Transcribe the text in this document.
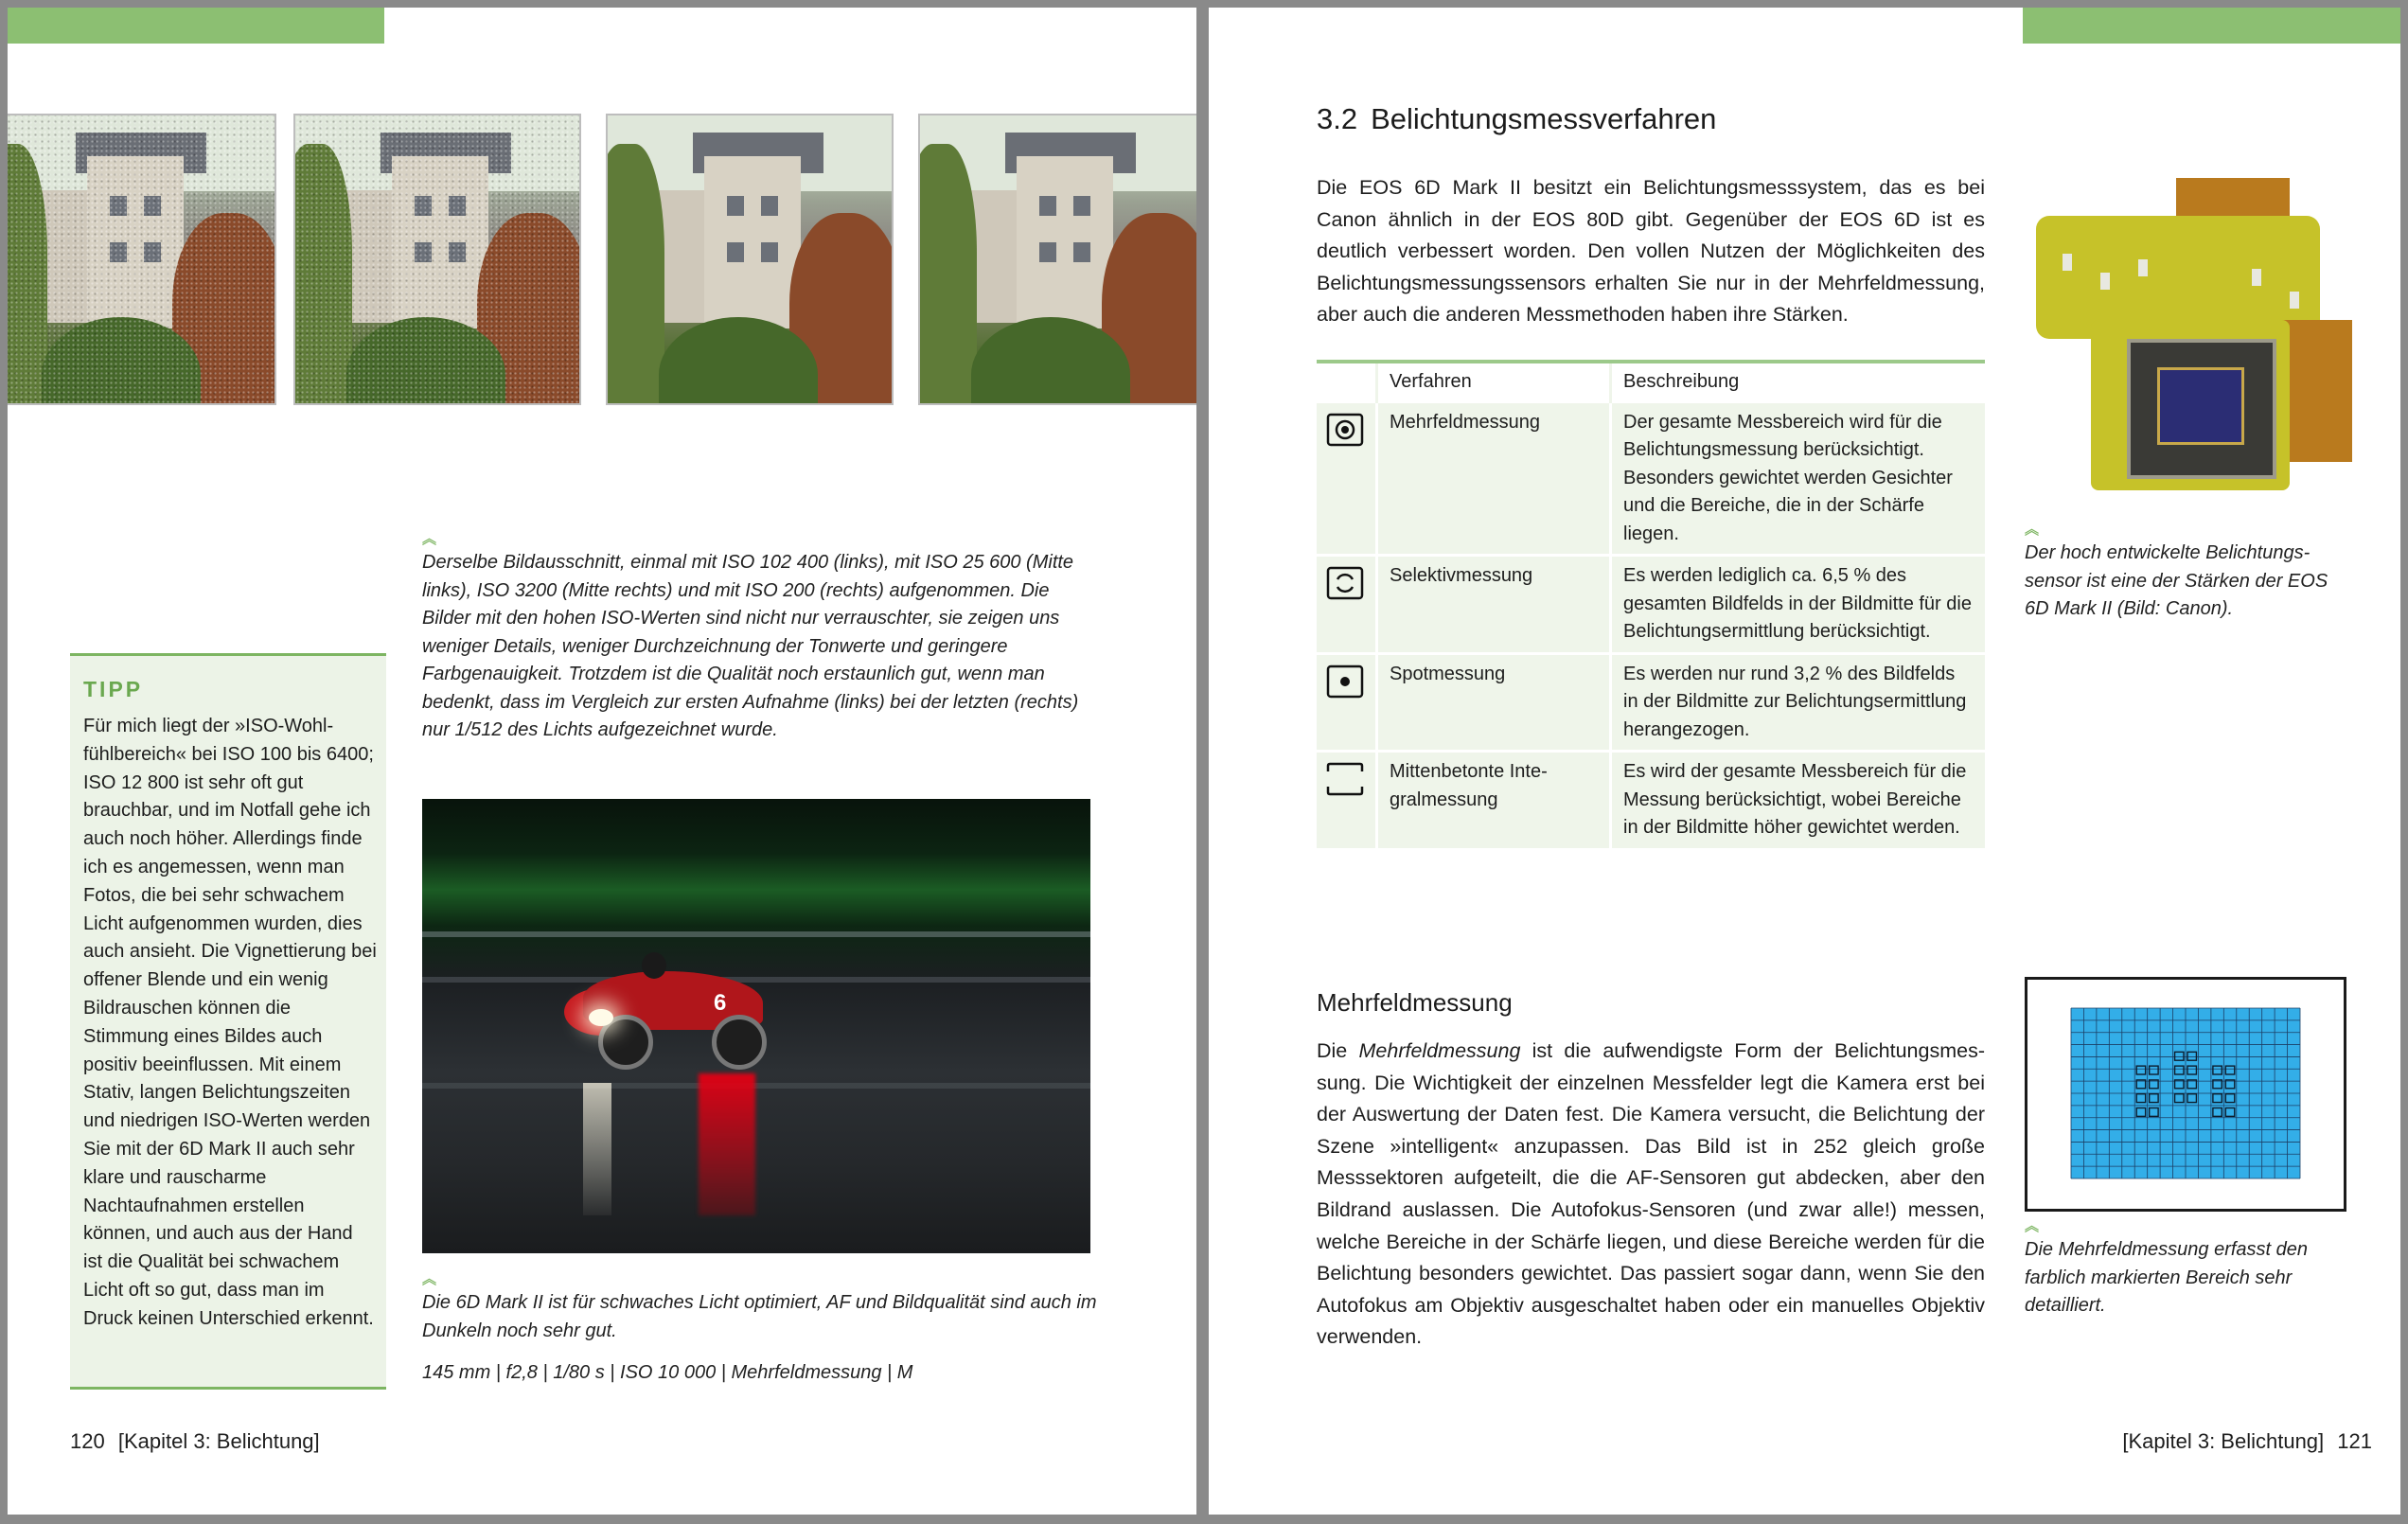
︽
Derselbe Bildausschnitt, einmal mit ISO 102 400 (links), mit ISO 25 600 (Mitte links), ISO 3200 (Mitte rechts) und mit ISO 200 (rechts) aufgenommen. Die Bilder mit den hohen ISO-Werten sind nicht nur verrauschter, sie zeigen uns weniger Details, weniger Durchzeichnung der Tonwerte und geringere Farbgenauigkeit. Trotzdem ist die Qualität noch erstaunlich gut, wenn man bedenkt, dass im Vergleich zur ersten Aufnahme (links) bei der letzten (rechts) nur 1/512 des Lichts aufgezeichnet wurde.
TIPP
Für mich liegt der »ISO-Wohlfühlbereich« bei ISO 100 bis 6400; ISO 12 800 ist sehr oft gut brauchbar, und im Notfall gehe ich auch noch höher. Allerdings finde ich es angemessen, wenn man Fotos, die bei sehr schwachem Licht aufgenommen wurden, dies auch ansieht. Die Vignettierung bei offener Blende und ein wenig Bildrauschen können die Stimmung eines Bildes auch positiv beeinflussen. Mit einem Stativ, langen Belichtungszeiten und niedrigen ISO-Werten werden Sie mit der 6D Mark II auch sehr klare und rauscharme Nachtaufnahmen erstellen können, und auch aus der Hand ist die Qualität bei schwachem Licht oft so gut, dass man im Druck keinen Unterschied erkennt.
6
︽
Die 6D Mark II ist für schwaches Licht optimiert, AF und Bildqualität sind auch im Dunkeln noch sehr gut.
145 mm | f2,8 | 1/80 s | ISO 10 000 | Mehrfeldmessung | M
120 [Kapitel 3: Belichtung]
3.2 Belichtungsmessverfahren
Die EOS 6D Mark II besitzt ein Belichtungsmesssystem, das es bei Canon ähnlich in der EOS 80D gibt. Gegenüber der EOS 6D ist es deutlich verbessert worden. Den vollen Nutzen der Möglichkeiten des Belichtungsmessungssensors erhalten Sie nur in der Mehrfeldmessung, aber auch die anderen Messmethoden haben ihre Stärken.
	Verfahren	Beschreibung

	Mehrfeldmessung	Der gesamte Messbereich wird für die Belichtungsmessung berücksichtigt. Besonders gewichtet werden Gesichter und die Bereiche, die in der Schärfe liegen.

	Selektivmessung	Es werden lediglich ca. 6,5 % des gesamten Bildfelds in der Bildmitte für die Belichtungsermittlung berücksichtigt.

	Spotmessung	Es werden nur rund 3,2 % des Bildfelds in der Bildmitte zur Belichtungsermittlung herangezogen.

	Mittenbetonte Integralmessung	Es wird der gesamte Messbereich für die Messung berücksichtigt, wobei Bereiche in der Bildmitte höher gewichtet werden.
︽
Der hoch entwickelte Belichtungssensor ist eine der Stärken der EOS 6D Mark II (Bild: Canon).
Mehrfeldmessung
Die Mehrfeldmessung ist die aufwendigste Form der Belichtungsmessung. Die Wichtigkeit der einzelnen Messfelder legt die Kamera erst bei der Auswertung der Daten fest. Die Kamera versucht, die Belichtung der Szene »intelligent« anzupassen. Das Bild ist in 252 gleich große Messsektoren aufgeteilt, die die AF-Sensoren gut abdecken, aber den Bildrand auslassen. Die Autofokus-Sensoren (und zwar alle!) messen, welche Bereiche in der Schärfe liegen, und diese Bereiche werden für die Belichtung besonders gewichtet. Das passiert sogar dann, wenn Sie den Autofokus am Objektiv ausgeschaltet haben oder ein manuelles Objektiv verwenden.
︽
Die Mehrfeldmessung erfasst den farblich markierten Bereich sehr detailliert.
[Kapitel 3: Belichtung] 121
